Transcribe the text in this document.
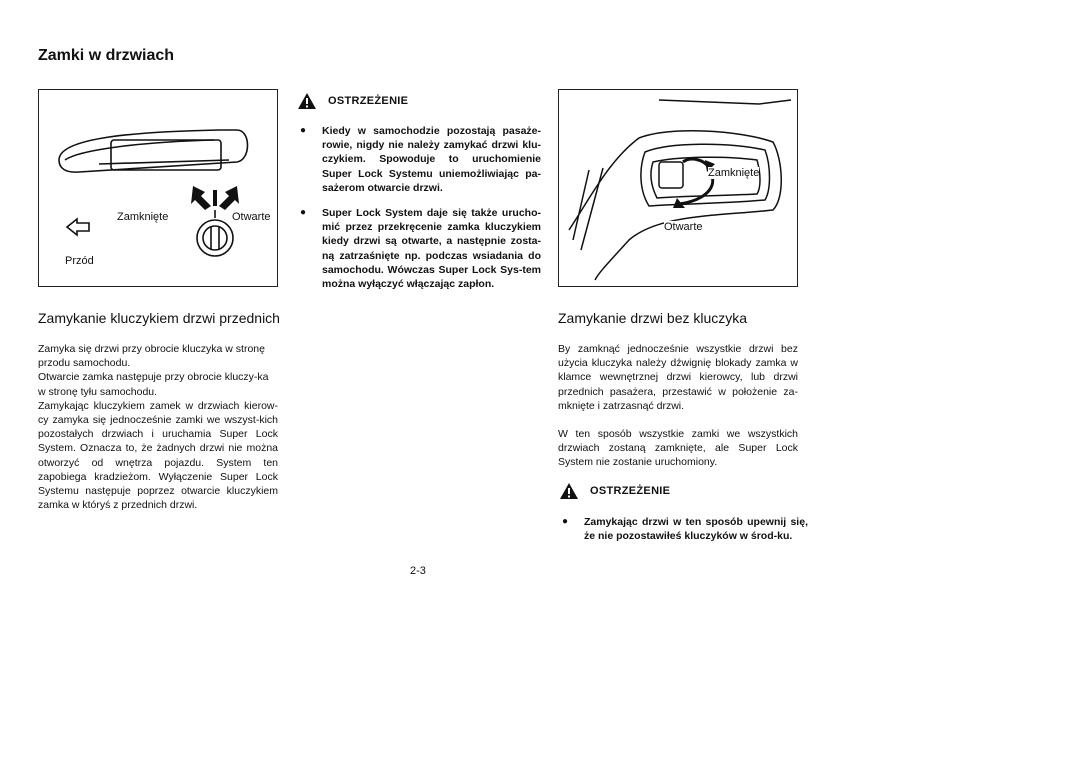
Zamki w drzwiach
Zamknięte	Otwarte
Przód
OSTRZEŻENIE
● Kiedy w samochodzie pozostają pasaże-rowie, nigdy nie należy zamykać drzwi klu-czykiem. Spowoduje to uruchomienie Super Lock Systemu uniemożliwiając pa-sażerom otwarcie drzwi.
● Super Lock System daje się także urucho-mić przez przekręcenie zamka kluczykiem kiedy drzwi są otwarte, a następnie zosta-ną zatrzaśnięte np. podczas wsiadania do samochodu. Wówczas Super Lock Sys-tem można wyłączyć włączając zapłon.
Zamknięte
Otwarte
Zamykanie kluczykiem drzwi przednich

Zamyka się drzwi przy obrocie kluczyka w stronę przodu samochodu.

Otwarcie zamka następuje przy obrocie kluczy-ka w stronę tyłu samochodu.

Zamykając kluczykiem zamek w drzwiach kierow-cy zamyka się jednocześnie zamki we wszyst-kich pozostałych drzwiach i uruchamia Super Lock System. Oznacza to, że żadnych drzwi nie można otworzyć od wnętrza pojazdu. System ten zapobiega kradzieżom. Wyłączenie Super Lock Systemu następuje poprzez otwarcie kluczykiem zamka w któryś z przednich drzwi.

Zamykanie drzwi bez kluczyka

By zamknąć jednocześnie wszystkie drzwi bez użycia kluczyka należy dźwignię blokady zamka w klamce wewnętrznej drzwi kierowcy, lub drzwi przednich pasażera, przestawić w położenie za-mknięte i zatrzasnąć drzwi.

W ten sposób wszystkie zamki we wszystkich drzwiach zostaną zamknięte, ale Super Lock System nie zostanie uruchomiony.

OSTRZEŻENIE
● Zamykając drzwi w ten sposób upewnij się, że nie pozostawiłeś kluczyków w środ-ku.
2-3
